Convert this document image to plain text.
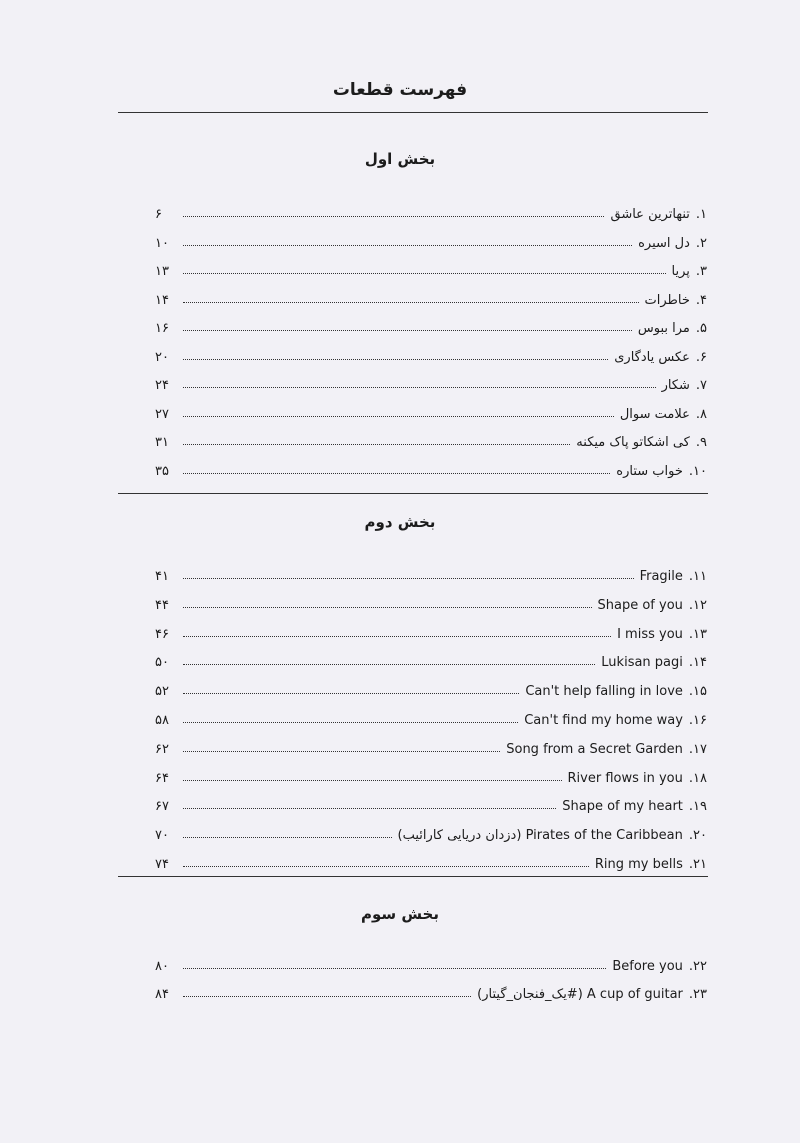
فهرست قطعات
بخش اول
۱.
تنهاترین عاشق
۶
۲.
دل اسیره
۱۰
۳.
پریا
۱۳
۴.
خاطرات
۱۴
۵.
مرا ببوس
۱۶
۶.
عکس یادگاری
۲۰
۷.
شکار
۲۴
۸.
علامت سوال
۲۷
۹.
کی اشکاتو پاک میکنه
۳۱
۱۰.
خواب ستاره
۳۵
بخش دوم
۱۱.
Fragile
۴۱
۱۲.
Shape of you
۴۴
۱۳.
I miss you
۴۶
۱۴.
Lukisan pagi
۵۰
۱۵.
Can't help falling in love
۵۲
۱۶.
Can't find my home way
۵۸
۱۷.
Song from a Secret Garden
۶۲
۱۸.
River flows in you
۶۴
۱۹.
Shape of my heart
۶۷
۲۰.
Pirates of the Caribbean (دزدان دریایی کارائیب)
۷۰
۲۱.
Ring my bells
۷۴
بخش سوم
۲۲.
Before you
۸۰
۲۳.
A cup of guitar (#یک_فنجان_گیتار)
۸۴
